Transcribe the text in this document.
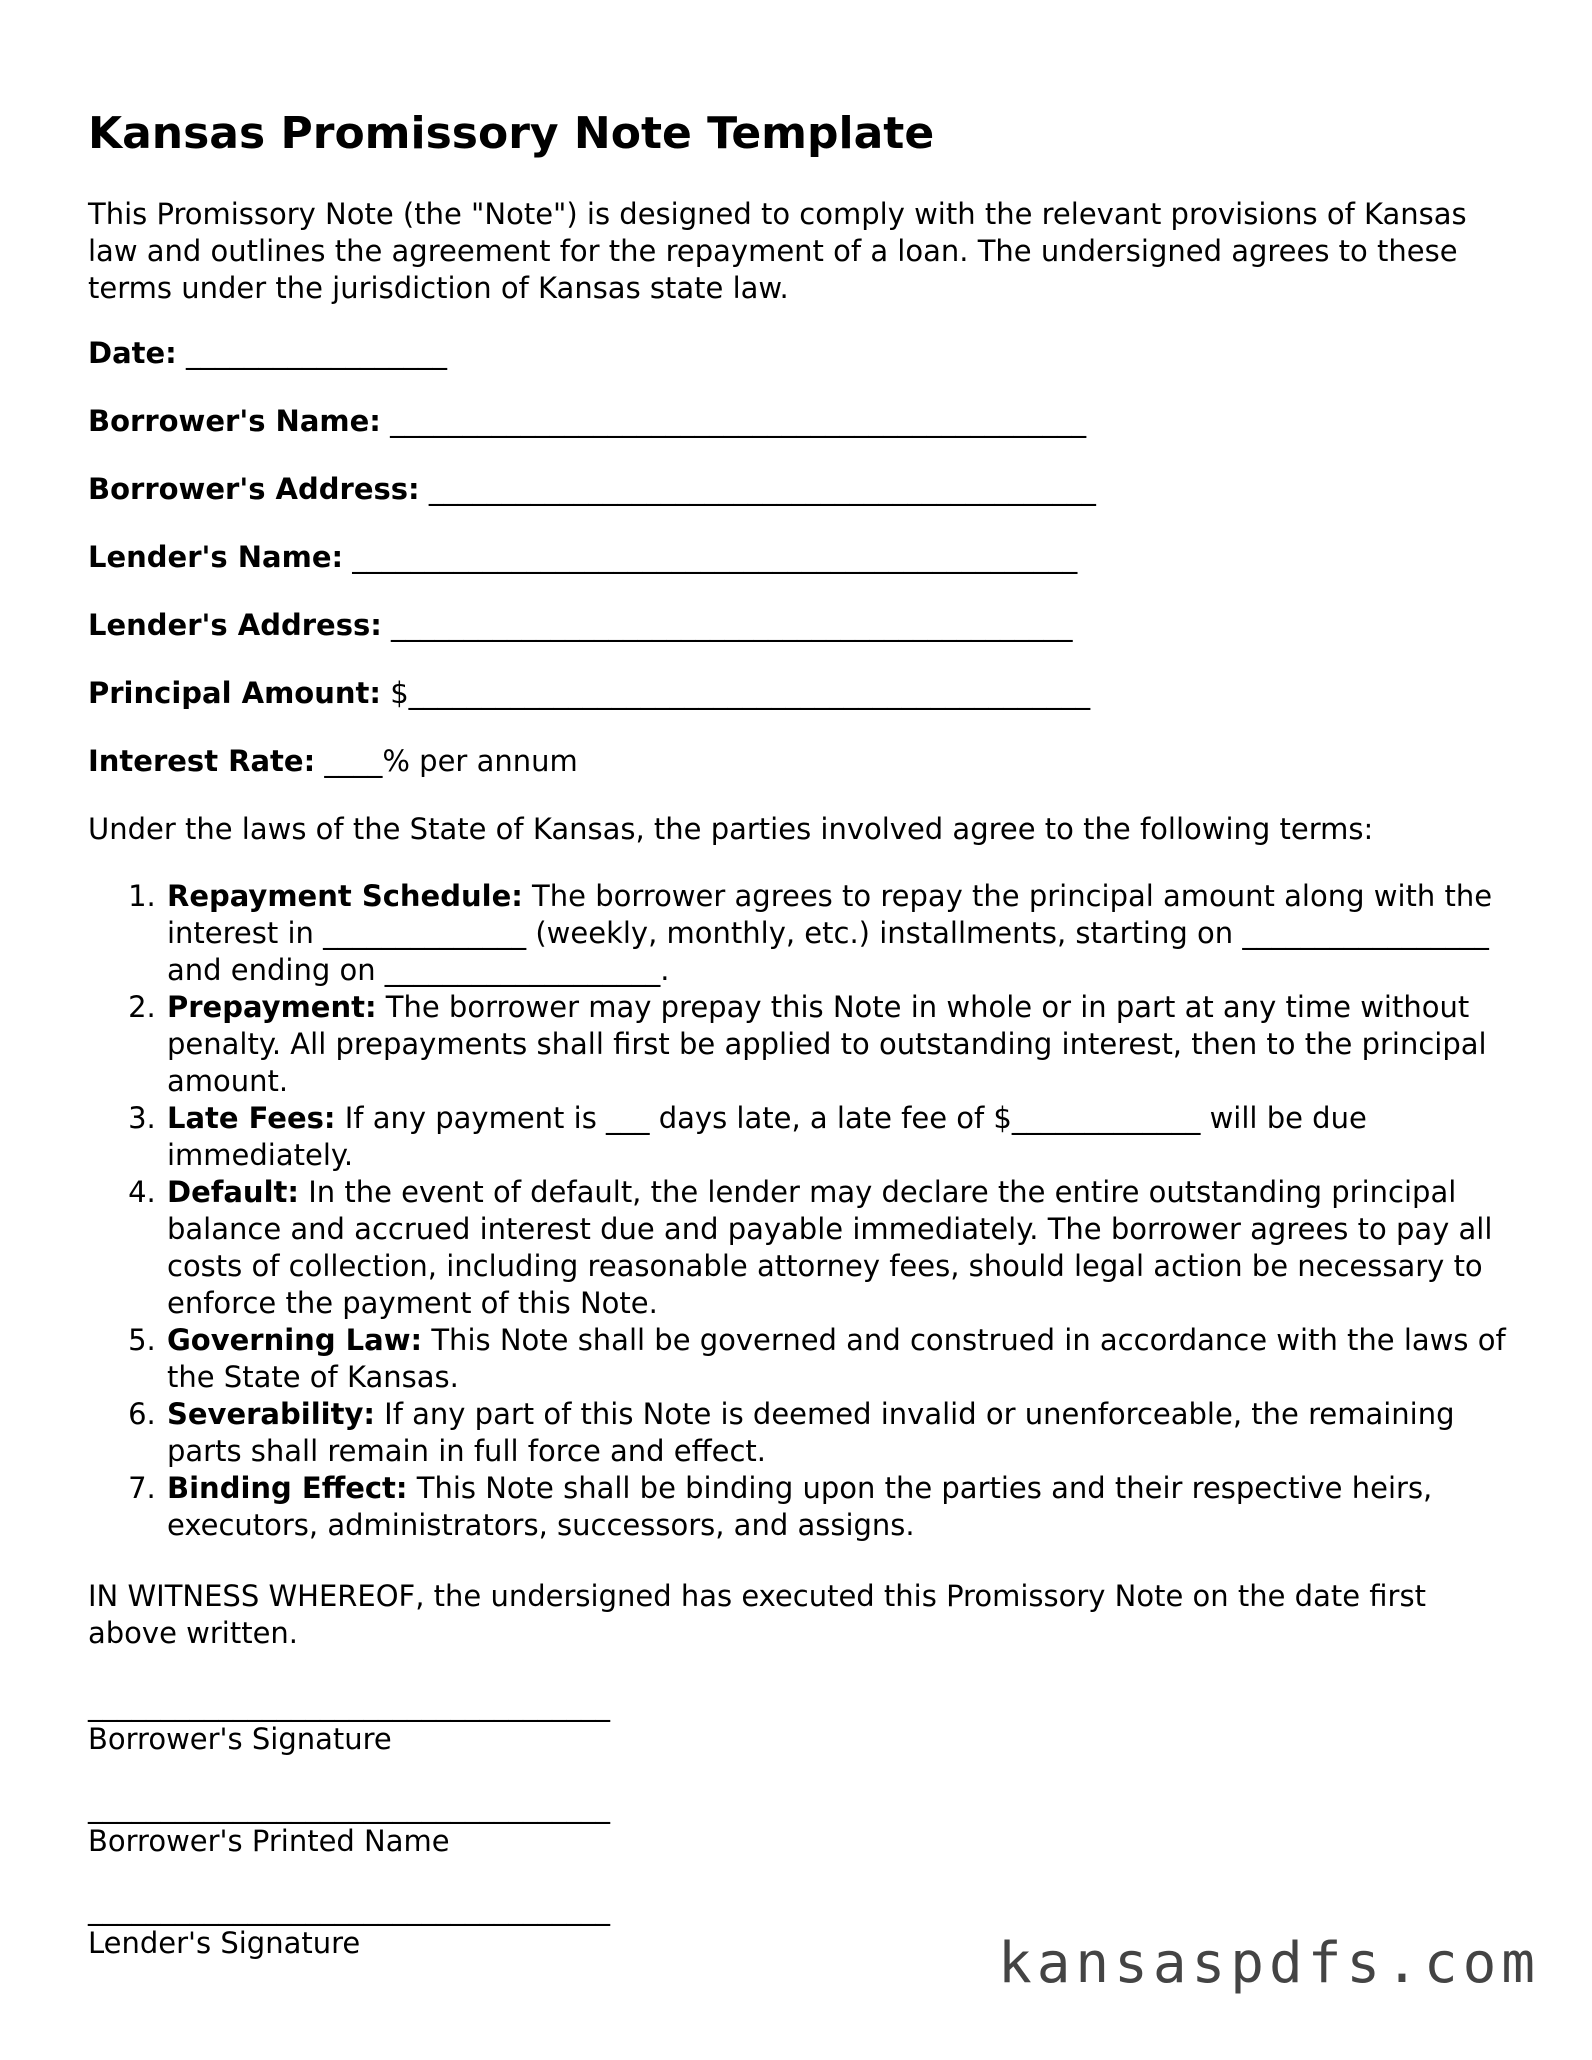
Kansas Promissory Note Template

This Promissory Note (the "Note") is designed to comply with the relevant provisions of Kansas law and outlines the agreement for the repayment of a loan. The undersigned agrees to these terms under the jurisdiction of Kansas state law.

Date: __________________
Borrower's Name: ________________________________________________
Borrower's Address: ______________________________________________
Lender's Name: __________________________________________________
Lender's Address: _______________________________________________
Principal Amount: $_______________________________________________
Interest Rate: ____% per annum

Under the laws of the State of Kansas, the parties involved agree to the following terms:

1. Repayment Schedule: The borrower agrees to repay the principal amount along with the interest in ______________ (weekly, monthly, etc.) installments, starting on _________________ and ending on ___________________.
2. Prepayment: The borrower may prepay this Note in whole or in part at any time without penalty. All prepayments shall first be applied to outstanding interest, then to the principal amount.
3. Late Fees: If any payment is ___ days late, a late fee of $_____________ will be due immediately.
4. Default: In the event of default, the lender may declare the entire outstanding principal balance and accrued interest due and payable immediately. The borrower agrees to pay all costs of collection, including reasonable attorney fees, should legal action be necessary to enforce the payment of this Note.
5. Governing Law: This Note shall be governed and construed in accordance with the laws of the State of Kansas.
6. Severability: If any part of this Note is deemed invalid or unenforceable, the remaining parts shall remain in full force and effect.
7. Binding Effect: This Note shall be binding upon the parties and their respective heirs, executors, administrators, successors, and assigns.

IN WITNESS WHEREOF, the undersigned has executed this Promissory Note on the date first above written.

____________________________________
Borrower's Signature
____________________________________
Borrower's Printed Name
____________________________________
Lender's Signature	kansaspdfs.com
